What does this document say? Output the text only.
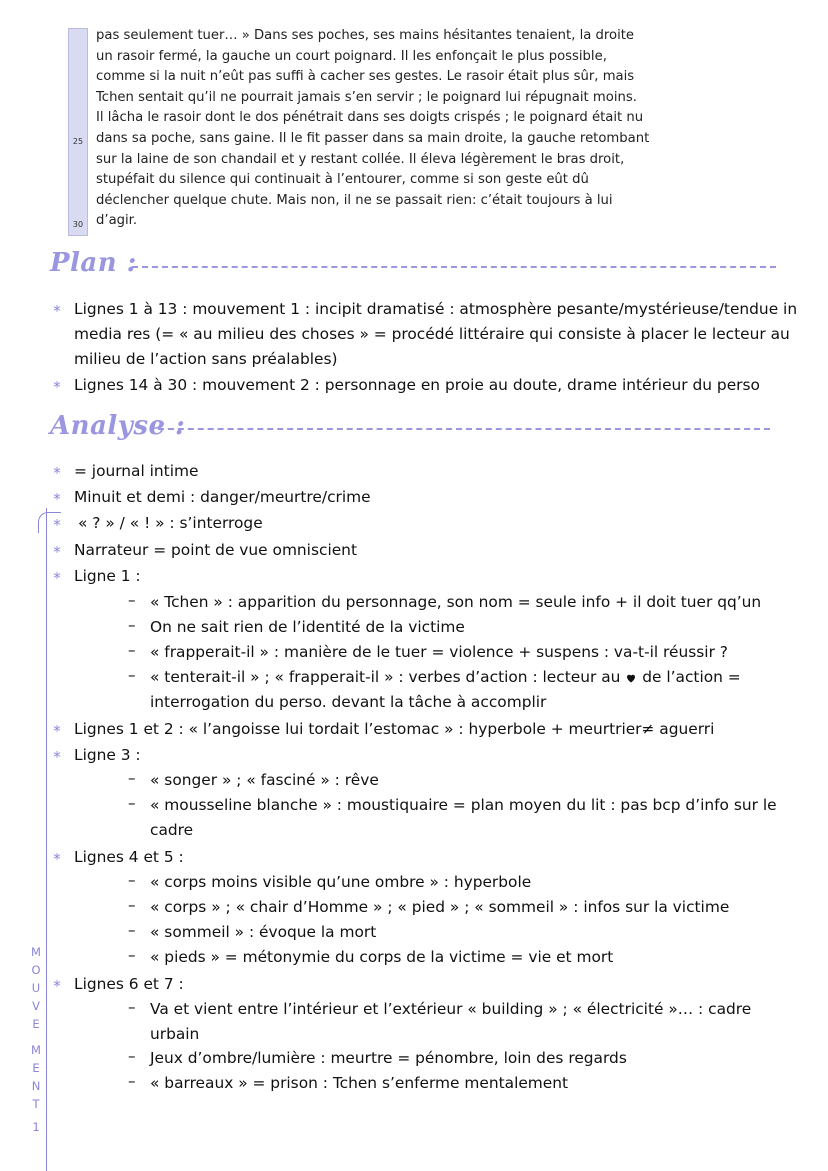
25
30
pas seulement tuer… » Dans ses poches, ses mains hésitantes tenaient, la droite
un rasoir fermé, la gauche un court poignard. Il les enfonçait le plus possible,
comme si la nuit n’eût pas suffi à cacher ses gestes. Le rasoir était plus sûr, mais
Tchen sentait qu’il ne pourrait jamais s’en servir ; le poignard lui répugnait moins.
Il lâcha le rasoir dont le dos pénétrait dans ses doigts crispés ; le poignard était nu
dans sa poche, sans gaine. Il le fit passer dans sa main droite, la gauche retombant
sur la laine de son chandail et y restant collée. Il éleva légèrement le bras droit,
stupéfait du silence qui continuait à l’entourer, comme si son geste eût dû
déclencher quelque chute. Mais non, il ne se passait rien: c’était toujours à lui
d’agir.
Plan :
* Lignes 1 à 13 : mouvement 1 : incipit dramatisé : atmosphère pesante/mystérieuse/tendue in
media res (= « au milieu des choses » = procédé littéraire qui consiste à placer le lecteur au
milieu de l’action sans préalables)
* Lignes 14 à 30 : mouvement 2 : personnage en proie au doute, drame intérieur du perso
Analyse :
M
O
U
V
E
M
E
N
T
1
* = journal intime
* Minuit et demi : danger/meurtre/crime
* « ? » / « ! » : s’interroge
* Narrateur = point de vue omniscient
* Ligne 1 :
– « Tchen » : apparition du personnage, son nom = seule info + il doit tuer qq’un
– On ne sait rien de l’identité de la victime
– « frapperait-il » : manière de le tuer = violence + suspens : va-t-il réussir ?
– « tenterait-il » ; « frapperait-il » : verbes d’action : lecteur au de l’action =
interrogation du perso. devant la tâche à accomplir
* Lignes 1 et 2 : « l’angoisse lui tordait l’estomac » : hyperbole + meurtrier≠ aguerri
* Ligne 3 :
– « songer » ; « fasciné » : rêve
– « mousseline blanche » : moustiquaire = plan moyen du lit : pas bcp d’info sur le
cadre
* Lignes 4 et 5 :
– « corps moins visible qu’une ombre » : hyperbole
– « corps » ; « chair d’Homme » ; « pied » ; « sommeil » : infos sur la victime
– « sommeil » : évoque la mort
– « pieds » = métonymie du corps de la victime = vie et mort
* Lignes 6 et 7 :
– Va et vient entre l’intérieur et l’extérieur « building » ; « électricité »… : cadre
urbain
– Jeux d’ombre/lumière : meurtre = pénombre, loin des regards
– « barreaux » = prison : Tchen s’enferme mentalement
